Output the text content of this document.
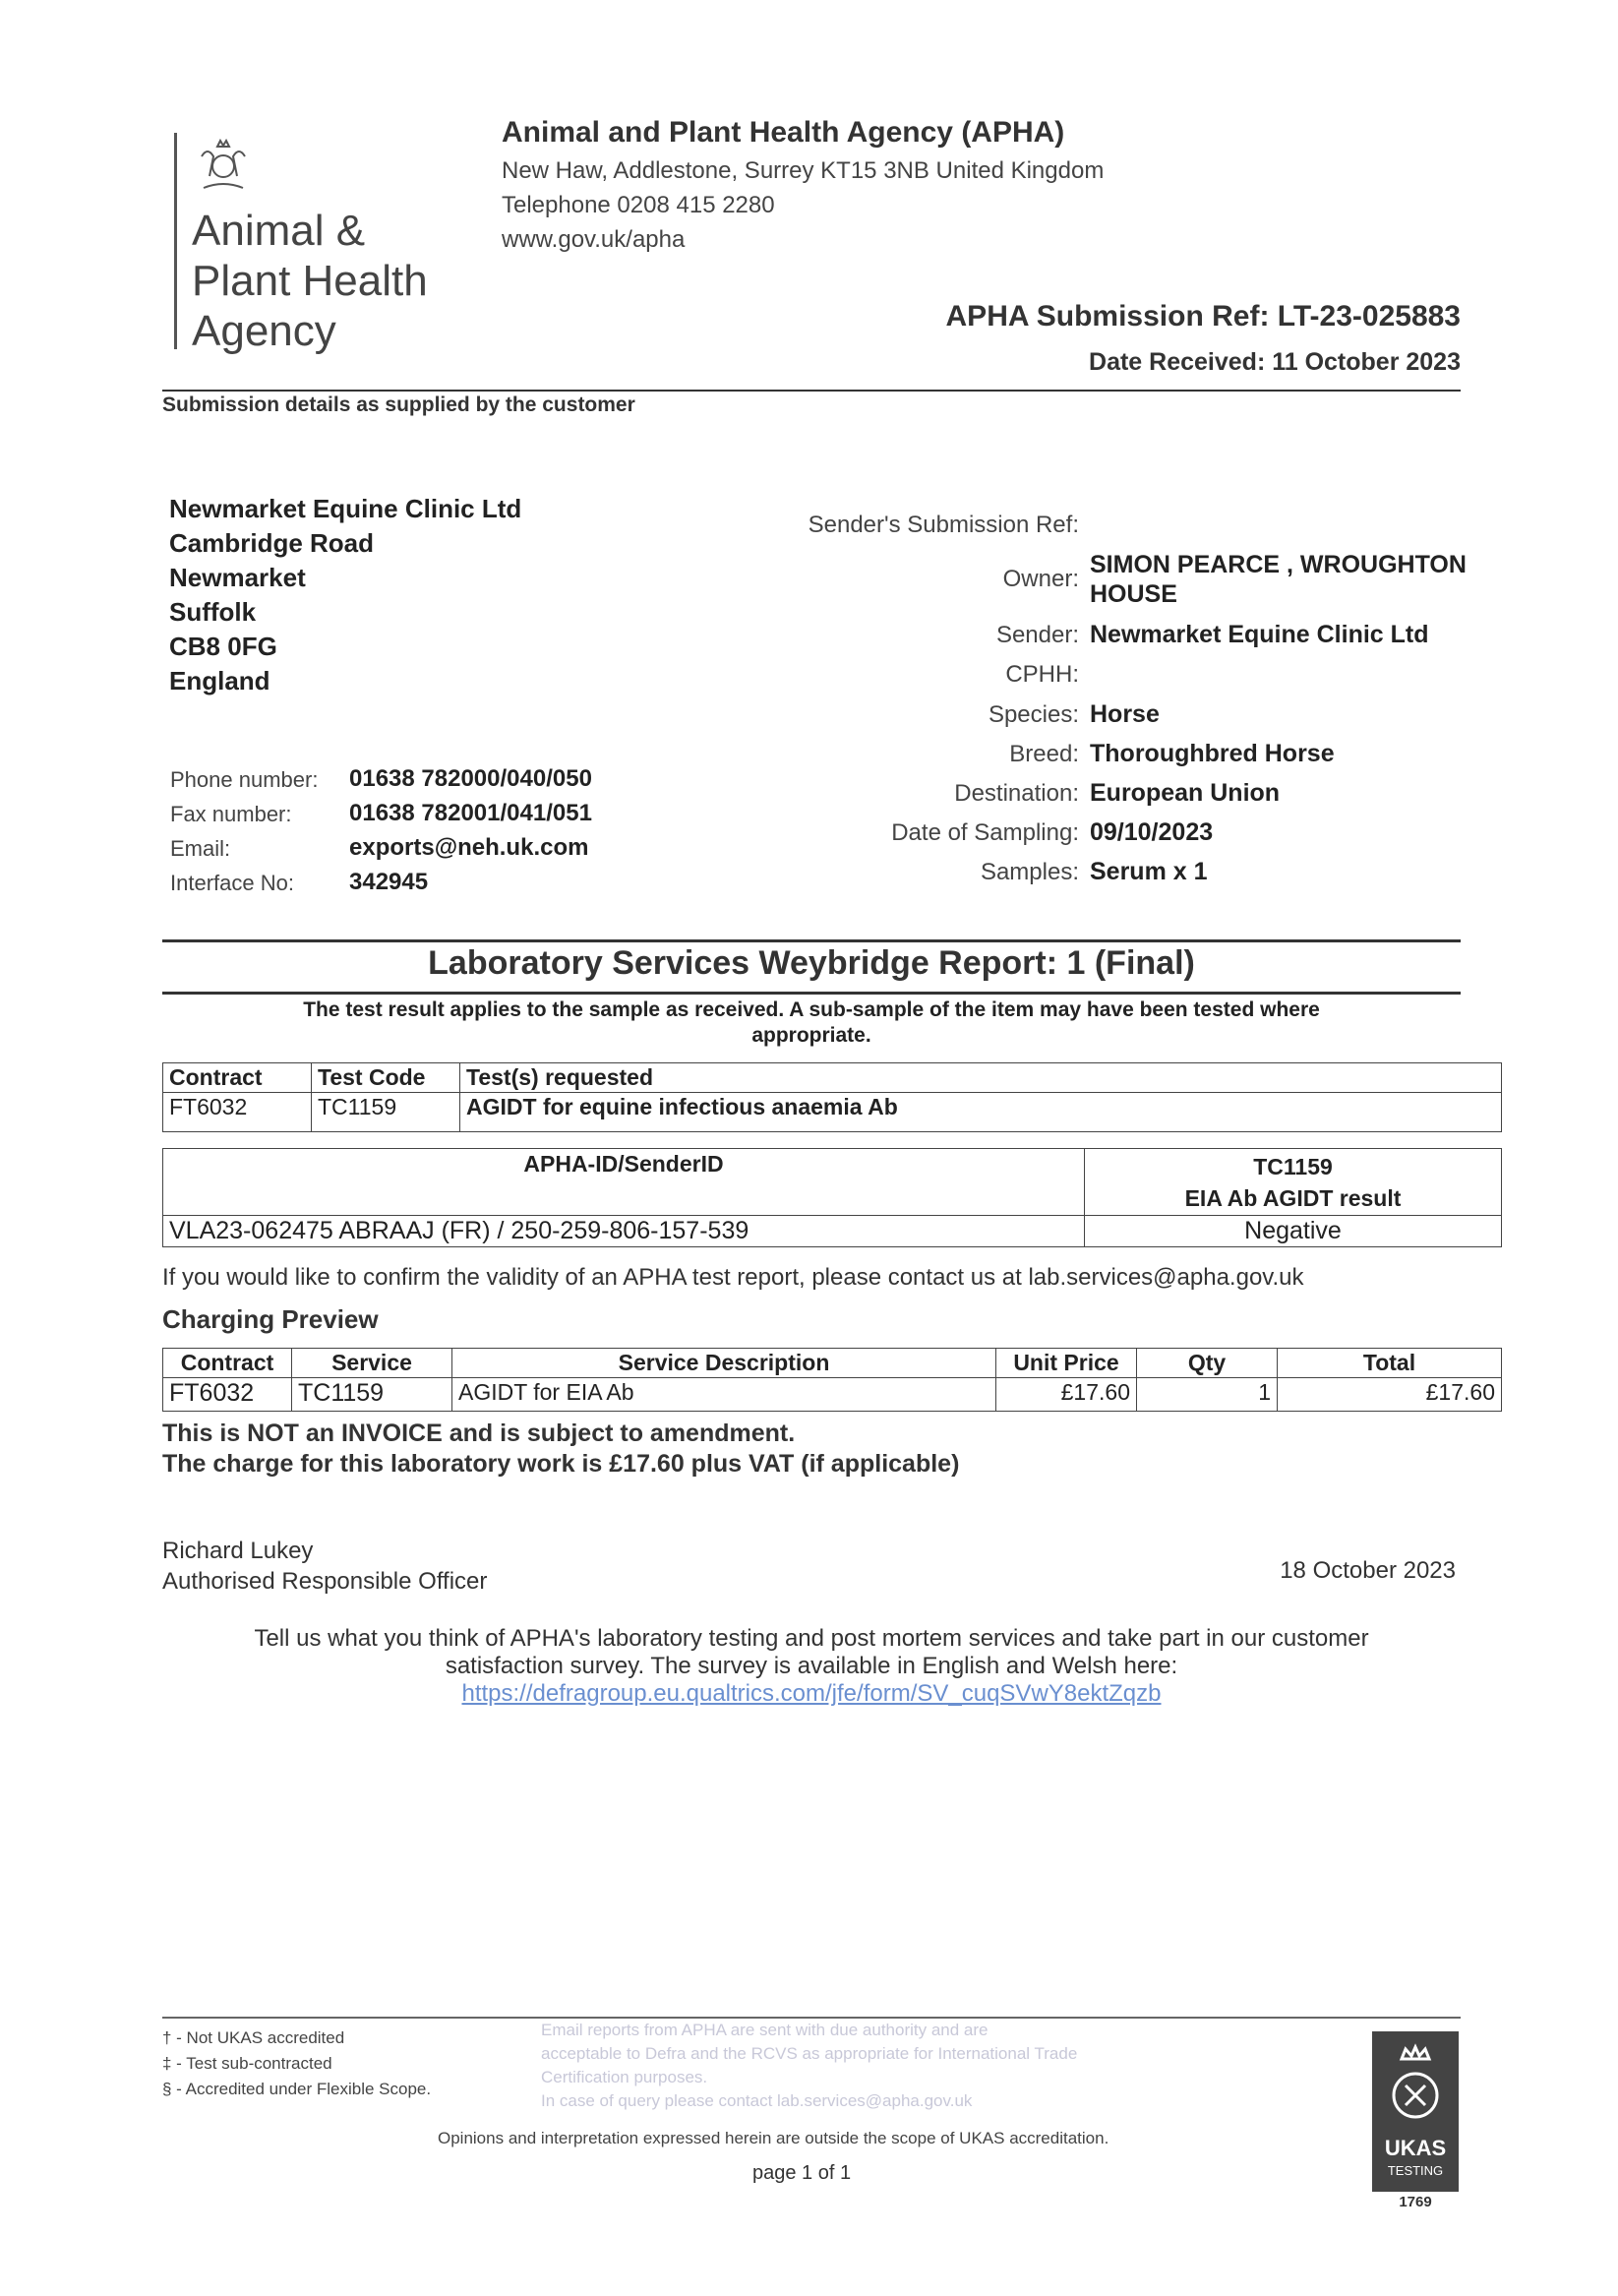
Animal &
Plant Health
Agency
Animal and Plant Health Agency (APHA)
New Haw, Addlestone, Surrey KT15 3NB United Kingdom
Telephone 0208 415 2280
www.gov.uk/apha
APHA Submission Ref: LT-23-025883
Date Received: 11 October 2023
Submission details as supplied by the customer
Newmarket Equine Clinic Ltd
Cambridge Road
Newmarket
Suffolk
CB8 0FG
England
Phone number: 01638 782000/040/050
Fax number: 01638 782001/041/051
Email:	exports@neh.uk.com
Interface No: 342945
Sender's Submission Ref:
Owner:
SIMON PEARCE , WROUGHTON
HOUSE
Sender: Newmarket Equine Clinic Ltd
CPHH:
Species: Horse
Breed: Thoroughbred Horse
Destination: European Union
Date of Sampling: 09/10/2023
Samples: Serum x 1
Laboratory Services Weybridge Report: 1 (Final)
The test result applies to the sample as received. A sub-sample of the item may have been tested where
appropriate.
Contract	Test Code	Test(s) requested
FT6032	TC1159	AGIDT for equine infectious anaemia Ab
APHA-ID/SenderID	TC1159
EIA Ab AGIDT result

VLA23-062475 ABRAAJ (FR) / 250-259-806-157-539	Negative
If you would like to confirm the validity of an APHA test report, please contact us at lab.services@apha.gov.uk
Charging Preview
Contract	Service	Service Description	Unit Price	Qty	Total
FT6032	TC1159	AGIDT for EIA Ab	£17.60	1	£17.60
This is NOT an INVOICE and is subject to amendment.
The charge for this laboratory work is £17.60 plus VAT (if applicable)
Richard Lukey
Authorised Responsible Officer	18 October 2023
Tell us what you think of APHA's laboratory testing and post mortem services and take part in our customer
satisfaction survey. The survey is available in English and Welsh here:
https://defragroup.eu.qualtrics.com/jfe/form/SV_cuqSVwY8ektZqzb
† - Not UKAS accredited
‡ - Test sub-contracted
§ - Accredited under Flexible Scope.
Email reports from APHA are sent with due authority and are
acceptable to Defra and the RCVS as appropriate for International Trade
Certification purposes.
In case of query please contact lab.services@apha.gov.uk
Opinions and interpretation expressed herein are outside the scope of UKAS accreditation.
page 1 of 1
UKAS
TESTING
1769
